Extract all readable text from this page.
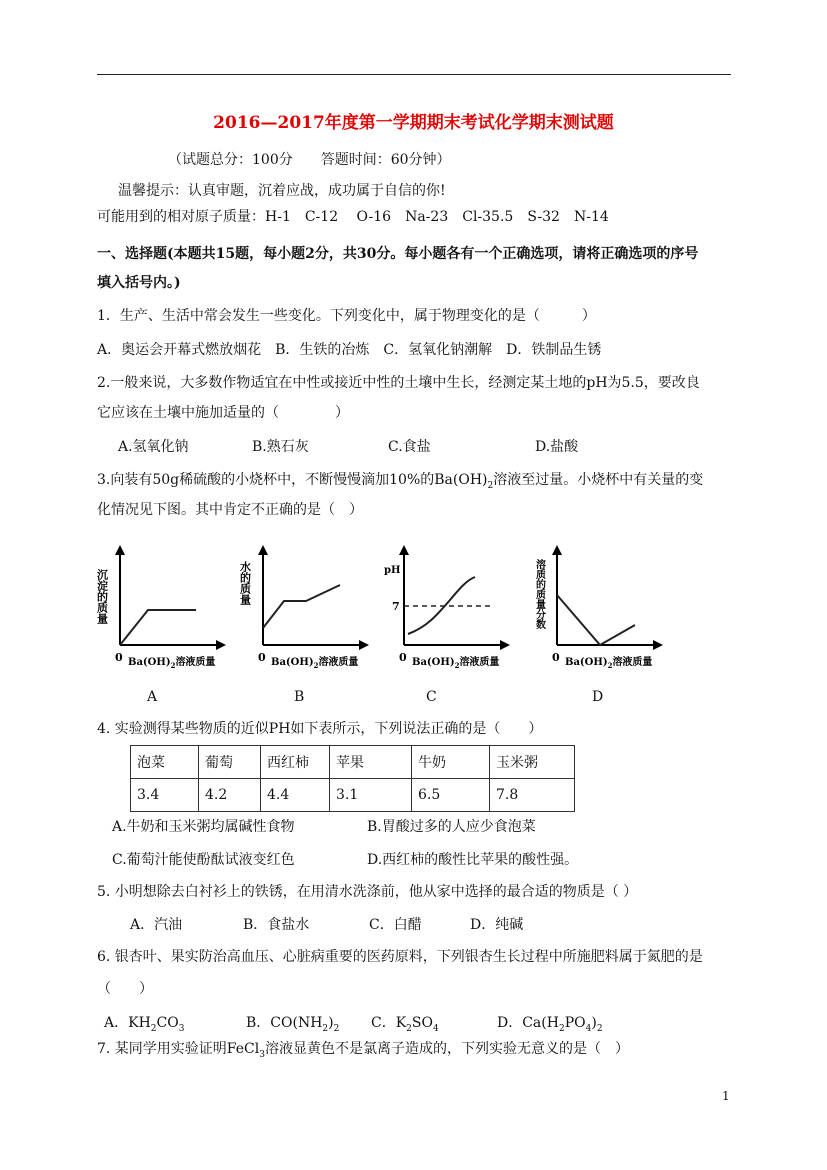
2016—2017年度第一学期期末考试化学期末测试题
（试题总分：100分　　答题时间：60分钟）
温馨提示：认真审题，沉着应战，成功属于自信的你!
可能用到的相对原子质量：H-1　C-12　 O-16　Na-23　Cl-35.5　S-32　N-14
一、选择题(本题共15题，每小题2分，共30分。每小题各有一个正确选项，请将正确选项的序号
填入括号内。)
1．生产、生活中常会发生一些变化。下列变化中，属于物理变化的是（　　　）
A．奥运会开幕式燃放烟花　B．生铁的冶炼　C．氢氧化钠潮解　D．铁制品生锈
2.一般来说，大多数作物适宜在中性或接近中性的土壤中生长，经测定某土地的pH为5.5，要改良
它应该在土壤中施加适量的（　　　　）
A.氢氧化钠	B.熟石灰	C.食盐	D.盐酸
3.向装有50g稀硫酸的小烧杯中，不断慢慢滴加10%的$Ba(OH)_2$溶液至过量。小烧杯中有关量的变
化情况见下图。其中肯定不正确的是（　）
沉淀的质量
0 $Ba(OH)_2$溶液质量
水的质量
0 $Ba(OH)_2$溶液质量
pH
7
0 $Ba(OH)_2$溶液质量
溶质的质量分数
0 $Ba(OH)_2$溶液质量
A	B	C	D
4. 实验测得某些物质的近似PH如下表所示，下列说法正确的是（　　）
泡菜	葡萄	西红柿	苹果	牛奶	玉米粥
3.4	4.2	4.4	3.1	6.5	7.8
A.牛奶和玉米粥均属碱性食物	B.胃酸过多的人应少食泡菜
C.葡萄汁能使酚酞试液变红色	D.西红柿的酸性比苹果的酸性强。
5. 小明想除去白衬衫上的铁锈，在用清水洗涤前，他从家中选择的最合适的物质是（ ）
A．汽油	B．食盐水	C．白醋	D．纯碱
6. 银杏叶、果实防治高血压、心脏病重要的医药原料，下列银杏生长过程中所施肥料属于氮肥的是
（　　）
A．$KH_2CO_3$	B．$CO(NH_2)_2$ C．$K_2SO_4$	D．$Ca(H_2PO_4)_2$
7. 某同学用实验证明FeCl$_3$溶液显黄色不是氯离子造成的，下列实验无意义的是（　）
1
